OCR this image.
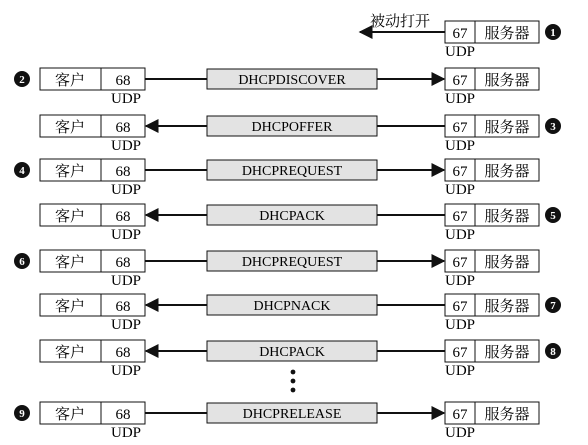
被动打开
67 服务器
UDP
1
客户 68
UDP
67 服务器
UDP
DHCPDISCOVER
2
客户 68
UDP
67 服务器
UDP
DHCPOFFER	3
客户 68
UDP
67 服务器
UDP
DHCPREQUEST
4
客户 68
UDP
67 服务器
UDP
DHCPACK	5
客户 68
UDP
67 服务器
UDP
DHCPREQUEST
6
客户 68
UDP
67 服务器
UDP
DHCPNACK	7
客户 68
UDP
67 服务器
UDP
DHCPACK	8
客户 68
UDP
67 服务器
UDP
DHCPRELEASE
9
